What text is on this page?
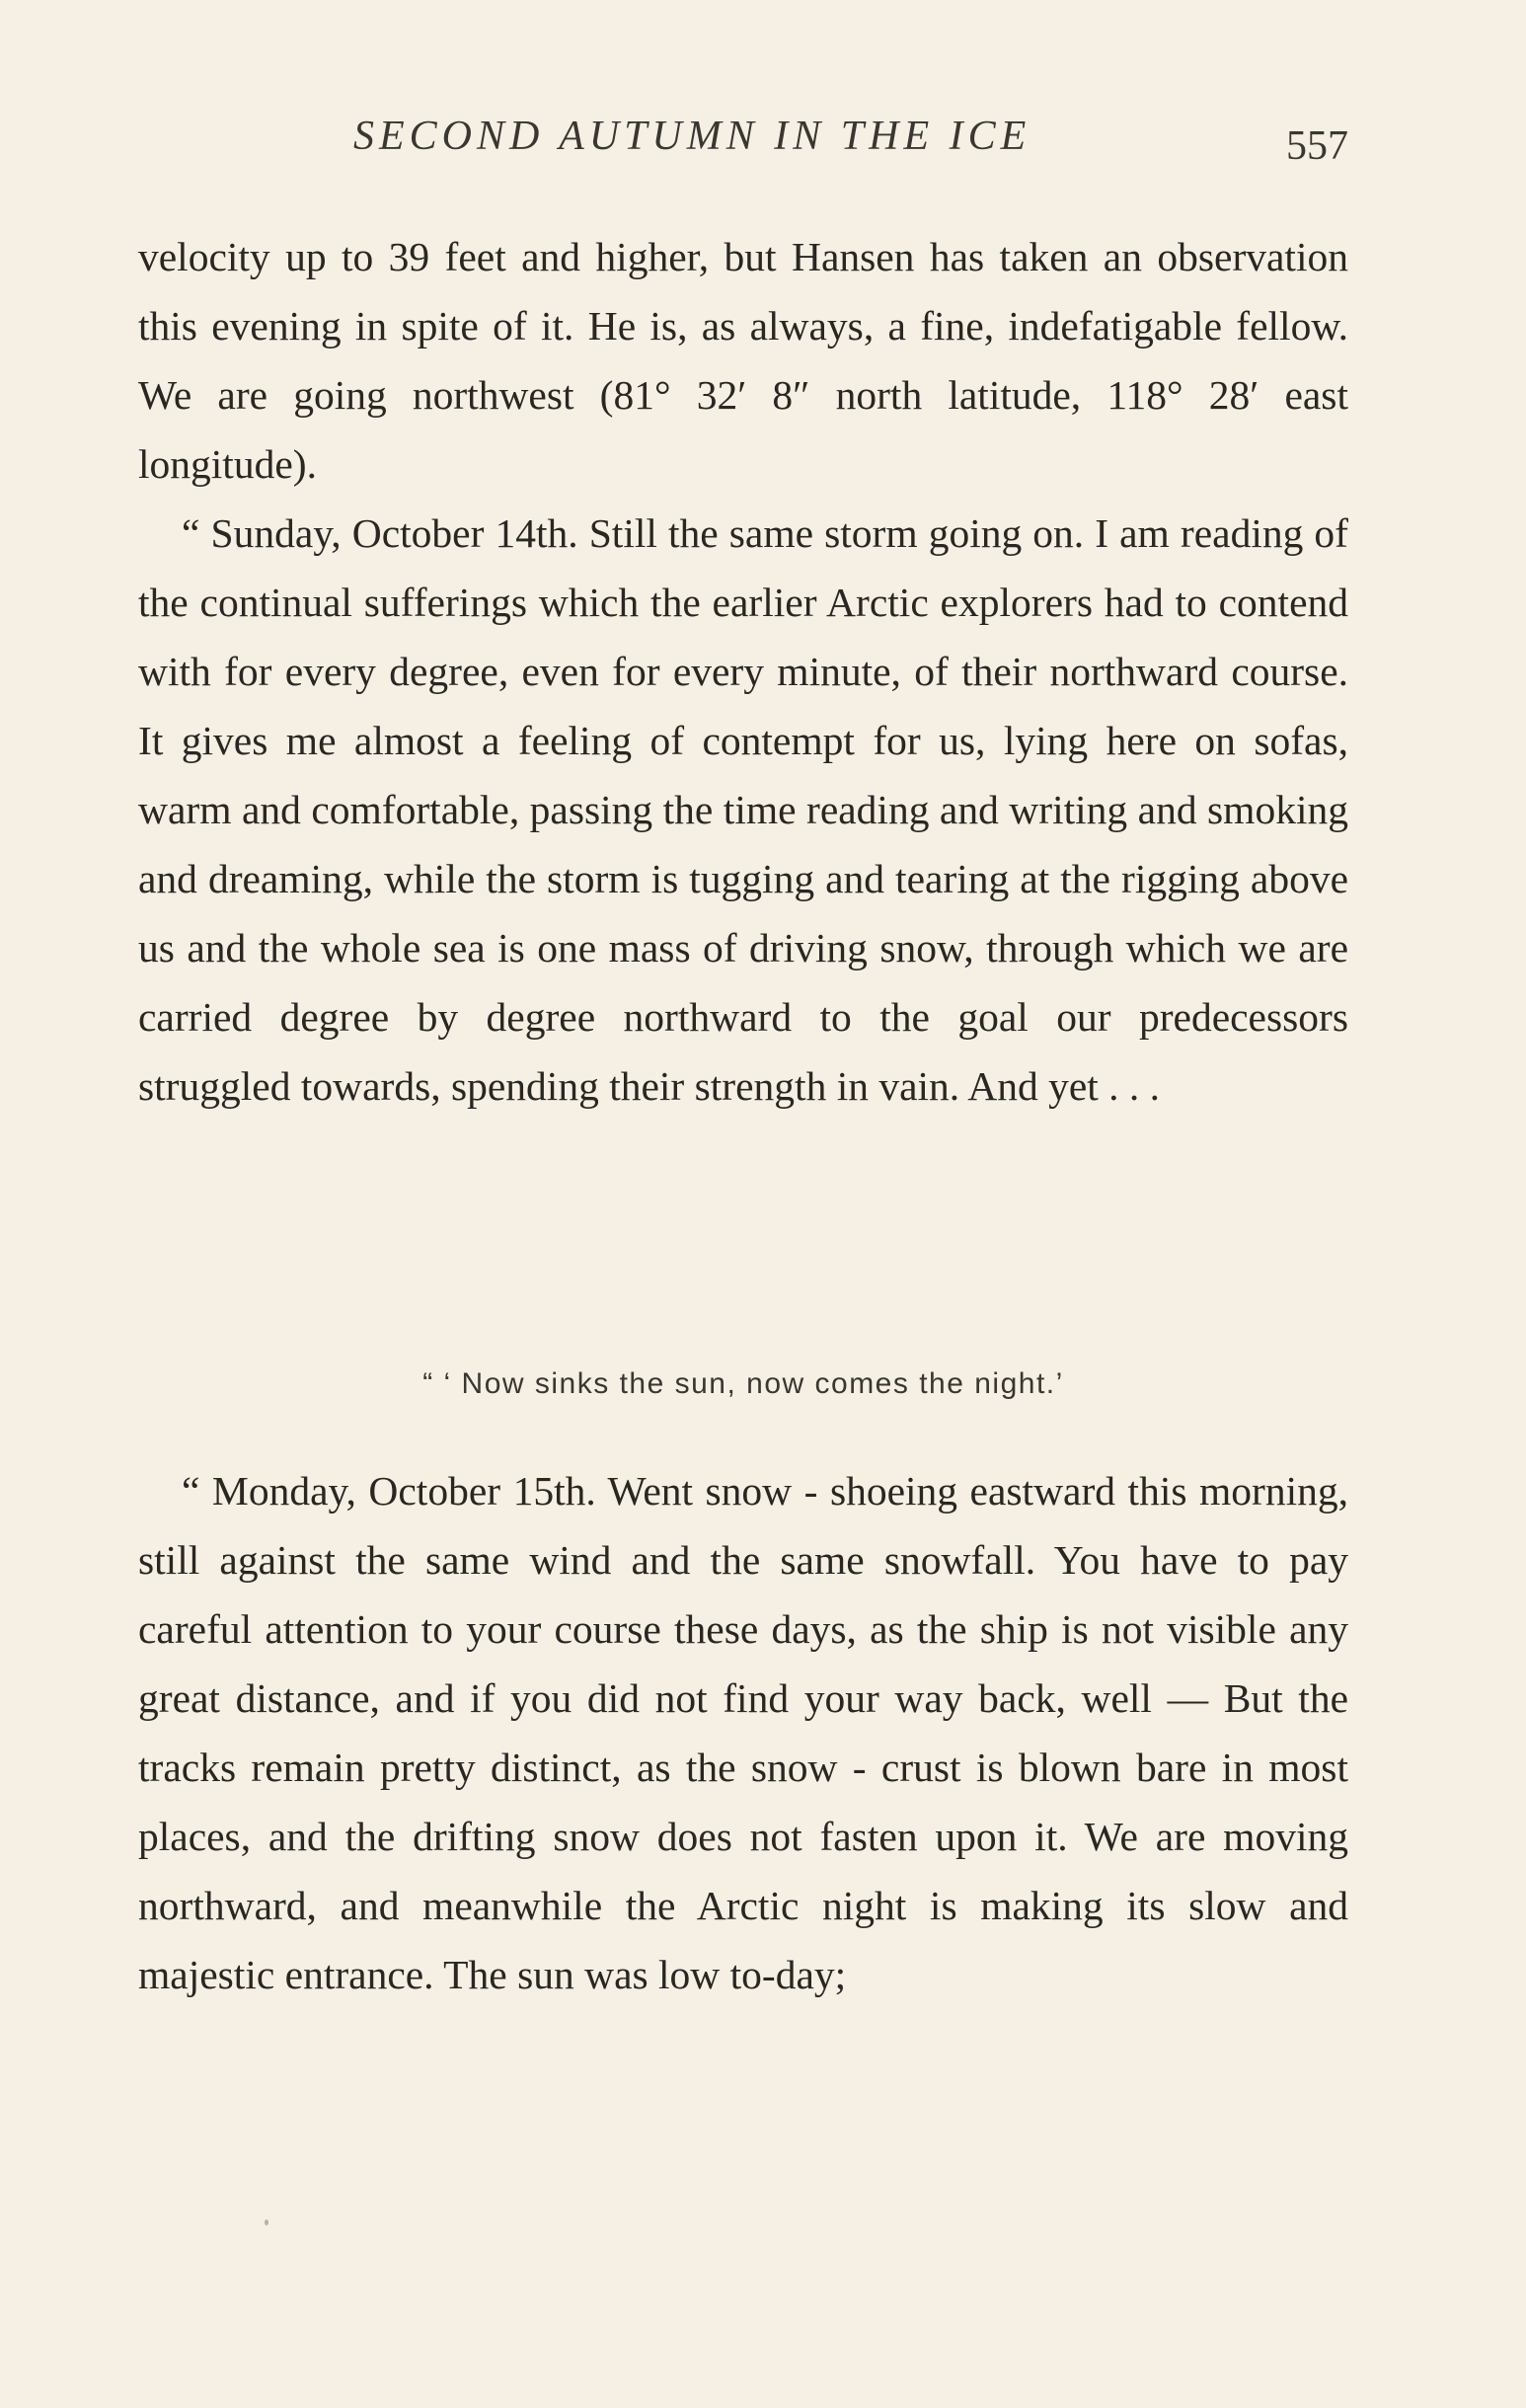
SECOND AUTUMN IN THE ICE	557

velocity up to 39 feet and higher, but Hansen has taken an observation this evening in spite of it. He is, as always, a fine, indefatigable fellow. We are going northwest (81° 32′ 8″ north latitude, 118° 28′ east longitude).

“ Sunday, October 14th. Still the same storm going on. I am reading of the continual sufferings which the earlier Arctic explorers had to contend with for every degree, even for every minute, of their northward course. It gives me almost a feeling of contempt for us, lying here on sofas, warm and comfortable, passing the time reading and writing and smoking and dreaming, while the storm is tugging and tearing at the rigging above us and the whole sea is one mass of driving snow, through which we are carried degree by degree northward to the goal our predecessors struggled towards, spending their strength in vain. And yet . . .

“ ‘ Now sinks the sun, now comes the night.’

“ Monday, October 15th. Went snow - shoeing eastward this morning, still against the same wind and the same snowfall. You have to pay careful attention to your course these days, as the ship is not visible any great distance, and if you did not find your way back, well — But the tracks remain pretty distinct, as the snow - crust is blown bare in most places, and the drifting snow does not fasten upon it. We are moving northward, and meanwhile the Arctic night is making its slow and majestic entrance. The sun was low to-day;
